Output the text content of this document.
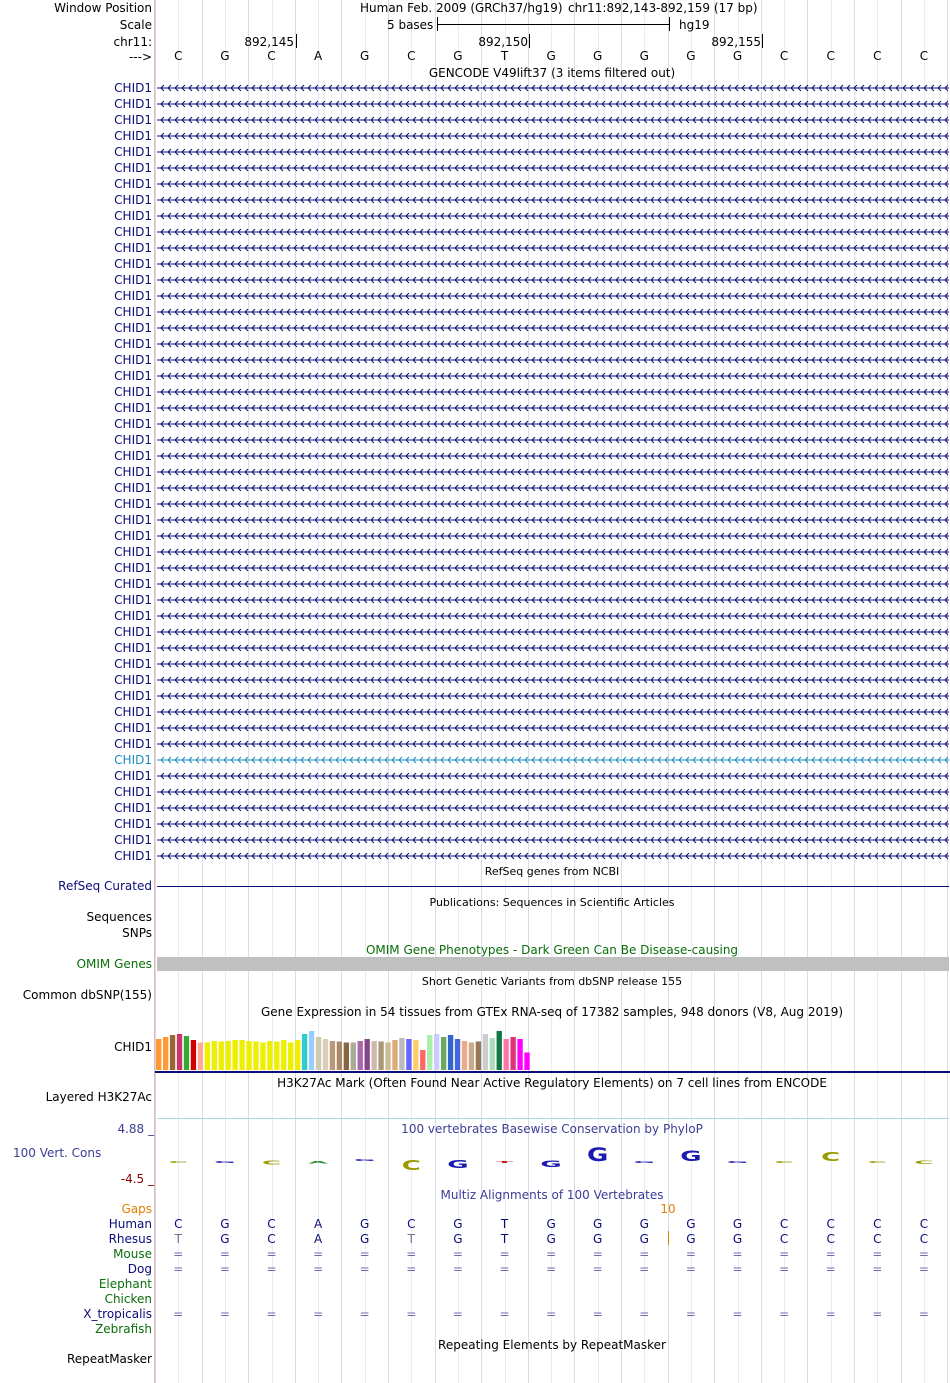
Window Position	Human Feb. 2009 (GRCh37/hg19) chr11:892,143-892,159 (17 bp)
Scale	5 bases	hg19
chr11:	892,145	892,150	892,155
---> C	G	C	A	G	C	G	T	G	G	G	G	G	C	C	C	C
GENCODE V49lift37 (3 items filtered out)
CHID1
CHID1
CHID1
CHID1
CHID1
CHID1
CHID1
CHID1
CHID1
CHID1
CHID1
CHID1
CHID1
CHID1
CHID1
CHID1
CHID1
CHID1
CHID1
CHID1
CHID1
CHID1
CHID1
CHID1
CHID1
CHID1
CHID1
CHID1
CHID1
CHID1
CHID1
CHID1
CHID1
CHID1
CHID1
CHID1
CHID1
CHID1
CHID1
CHID1
CHID1
CHID1
CHID1
CHID1
CHID1
CHID1
CHID1
CHID1
CHID1
RefSeq genes from NCBI
RefSeq Curated
Publications: Sequences in Scientific Articles
Sequences
SNPs
OMIM Gene Phenotypes - Dark Green Can Be Disease-causing
OMIM Genes
Short Genetic Variants from dbSNP release 155
Common dbSNP(155)
Gene Expression in 54 tissues from GTEx RNA-seq of 17382 samples, 948 donors (V8, Aug 2019)
CHID1
H3K27Ac Mark (Often Found Near Active Regulatory Elements) on 7 cell lines from ENCODE
Layered H3K27Ac
100 vertebrates Basewise Conservation by PhyloP
4.88 _
100 Vert. Cons
-4.5 _
C G C A
G C G T G G G G G C C C C
Multiz Alignments of 100 Vertebrates
Gaps	10
Human C	G	C	A	G	C	G	T	G	G	G	G	G	C	C	C	C
Rhesus T	G	C	A	G	T	G	T	G	G	G	G	G	C	C	C	C
Mouse =	=	=	=	=	=	=	=	=	=	=	=	=	=	=	=	=
Dog =	=	=	=	=	=	=	=	=	=	=	=	=	=	=	=	=
Elephant
Chicken
X_tropicalis =	=	=	=	=	=	=	=	=	=	=	=	=	=	=	=	=
Zebrafish
Repeating Elements by RepeatMasker
RepeatMasker
